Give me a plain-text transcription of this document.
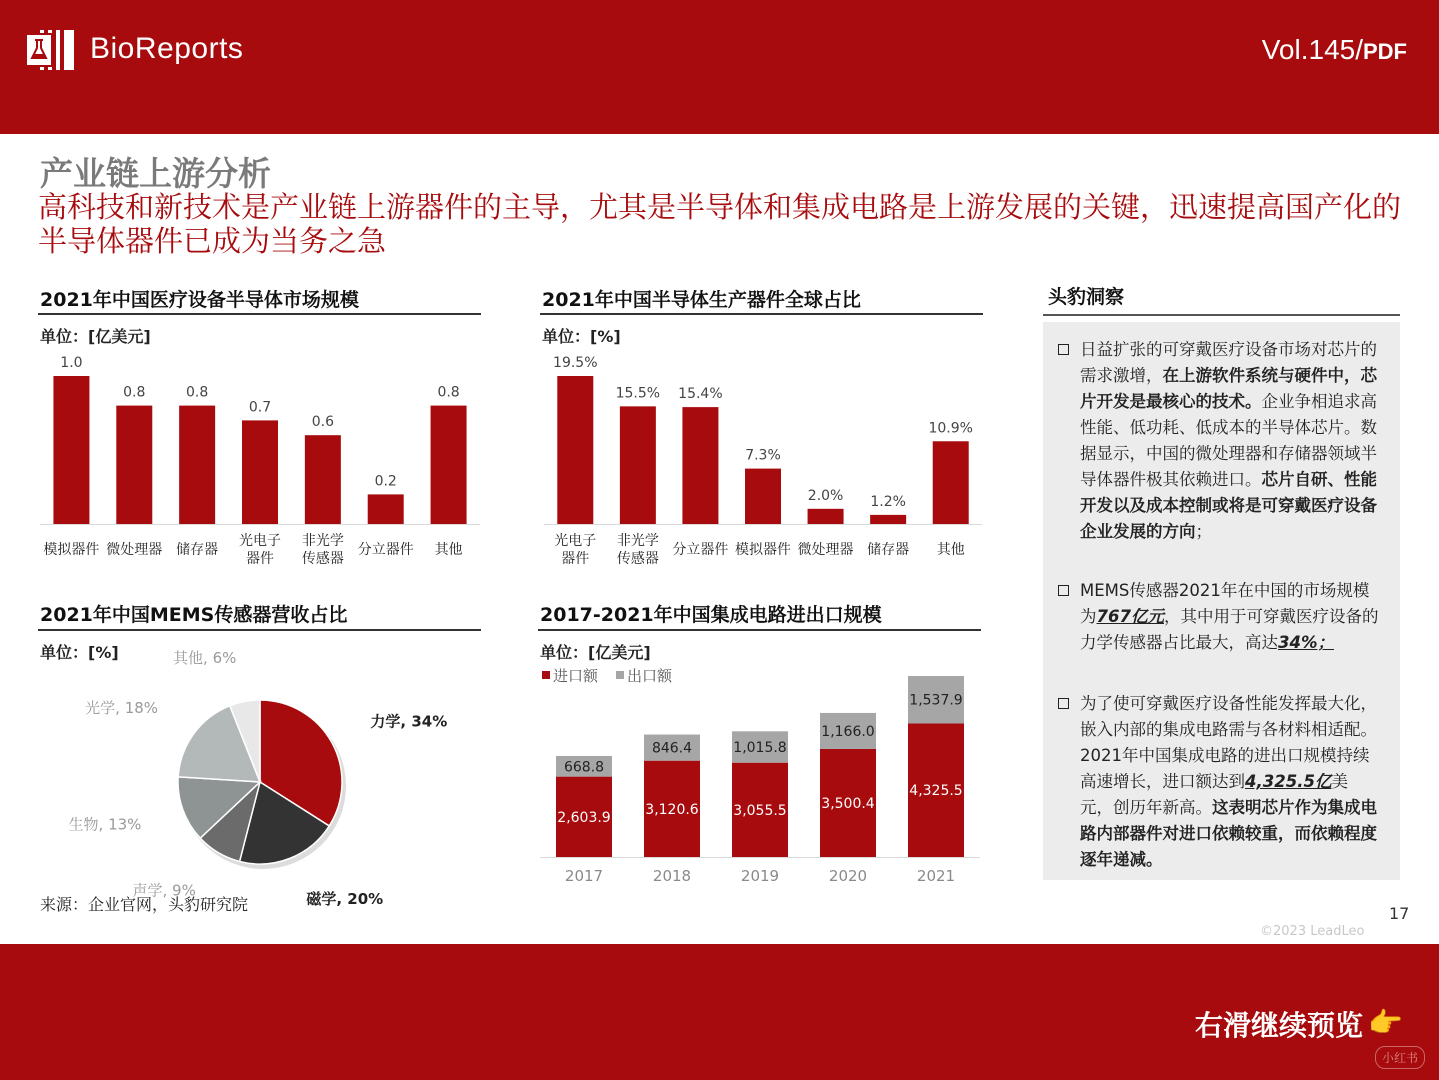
BioReports	Vol.145/PDF
产业链上游分析
高科技和新技术是产业链上游器件的主导，尤其是半导体和集成电路是上游发展的关键，迅速提高国产化的半导体器件已成为当务之急
2021年中国医疗设备半导体市场规模
单位：[亿美元]
1.0
模拟器件
0.8
微处理器
0.8
储存器
0.7
光电子
器件
0.6
非光学
传感器
0.2
分立器件
0.8
其他
2021年中国半导体生产器件全球占比
单位：[%]
19.5%
光电子
器件
15.5%
非光学
传感器
15.4%
分立器件
7.3%
模拟器件
2.0%
微处理器
1.2%
储存器
10.9%
其他
2021年中国MEMS传感器营收占比
单位：[%]
力学, 34%
磁学, 20%
声学, 9%
生物, 13%
光学, 18%
其他, 6%
2017-2021年中国集成电路进出口规模
单位：[亿美元]
进口额 出口额
2,603.9
668.8
2017
3,120.6
846.4
2018
3,055.5
1,015.8
2019
3,500.4
1,166.0
2020
4,325.5
1,537.9
2021
头豹洞察
日益扩张的可穿戴医疗设备市场对芯片的需求激增，在上游软件系统与硬件中，芯片开发是最核心的技术。企业争相追求高性能、低功耗、低成本的半导体芯片。数据显示，中国的微处理器和存储器领域半导体器件极其依赖进口。芯片自研、性能开发以及成本控制或将是可穿戴医疗设备企业发展的方向；
MEMS传感器2021年在中国的市场规模为767亿元，其中用于可穿戴医疗设备的力学传感器占比最大，高达34%；
为了使可穿戴医疗设备性能发挥最大化，嵌入内部的集成电路需与各材料相适配。2021年中国集成电路的进出口规模持续高速增长，进口额达到4,325.5亿美元，创历年新高。这表明芯片作为集成电路内部器件对进口依赖较重，而依赖程度逐年递减。
来源：企业官网，头豹研究院	17
©2023 LeadLeo
右滑继续预览 👉
小红书
